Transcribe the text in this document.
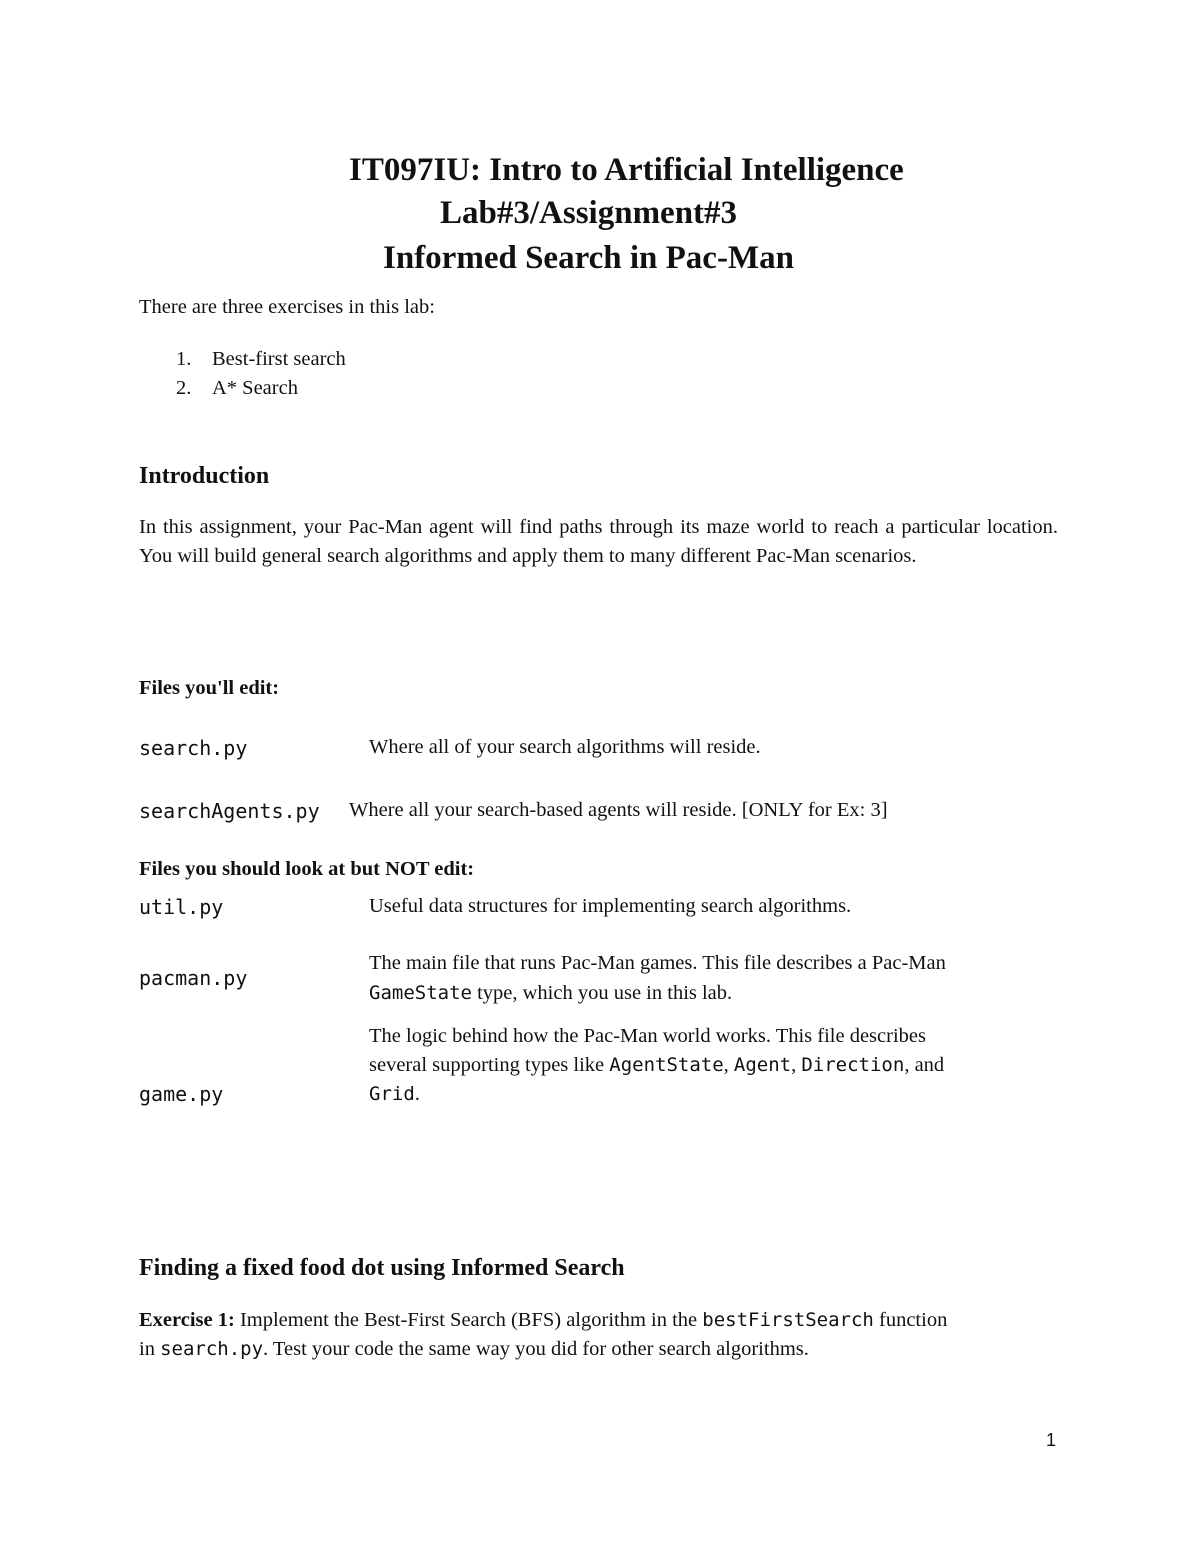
IT097IU: Intro to Artificial Intelligence
Lab#3/Assignment#3
Informed Search in Pac-Man
There are three exercises in this lab:
1. Best-first search
2. A* Search
Introduction
In this assignment, your Pac-Man agent will find paths through its maze world to reach a particular location. You will build general search algorithms and apply them to many different Pac-Man scenarios.
Files you'll edit:
search.py	Where all of your search algorithms will reside.
searchAgents.py Where all your search-based agents will reside. [ONLY for Ex: 3]
Files you should look at but NOT edit:
util.py	Useful data structures for implementing search algorithms.
pacman.py
The main file that runs Pac-Man games. This file describes a Pac-Man
GameState type, which you use in this lab.
game.py
The logic behind how the Pac-Man world works. This file describes
several supporting types like AgentState, Agent, Direction, and
Grid.
Finding a fixed food dot using Informed Search
Exercise 1: Implement the Best-First Search (BFS) algorithm in the bestFirstSearch function
in search.py. Test your code the same way you did for other search algorithms.
1
